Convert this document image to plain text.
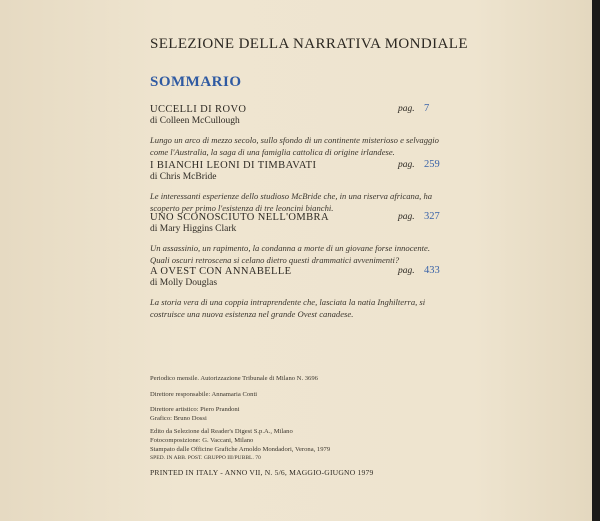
SELEZIONE DELLA NARRATIVA MONDIALE
SOMMARIO
UCCELLI DI ROVO
di Colleen McCullough
pag. 7
Lungo un arco di mezzo secolo, sullo sfondo di un continente misterioso e selvaggio come l'Australia, la saga di una famiglia cattolica di origine irlandese.
I BIANCHI LEONI DI TIMBAVATI
di Chris McBride
pag. 259
Le interessanti esperienze dello studioso McBride che, in una riserva africana, ha scoperto per primo l'esistenza di tre leoncini bianchi.
UNO SCONOSCIUTO NELL'OMBRA
di Mary Higgins Clark
pag. 327
Un assassinio, un rapimento, la condanna a morte di un giovane forse innocente. Quali oscuri retroscena si celano dietro questi drammatici avvenimenti?
A OVEST CON ANNABELLE
di Molly Douglas
pag. 433
La storia vera di una coppia intraprendente che, lasciata la natia Inghilterra, si costruisce una nuova esistenza nel grande Ovest canadese.
Periodico mensile. Autorizzazione Tribunale di Milano N. 3696
Direttore responsabile: Annamaria Conti
Direttore artistico: Piero Prandoni
Grafico: Bruno Dossi
Edito da Selezione dal Reader's Digest S.p.A., Milano
Fotocomposizione: G. Vaccani, Milano
Stampato dalle Officine Grafiche Arnoldo Mondadori, Verona, 1979
SPED. IN ABB. POST. GRUPPO III/PUBBL. 70
PRINTED IN ITALY - ANNO VII, N. 5/6, MAGGIO-GIUGNO 1979
